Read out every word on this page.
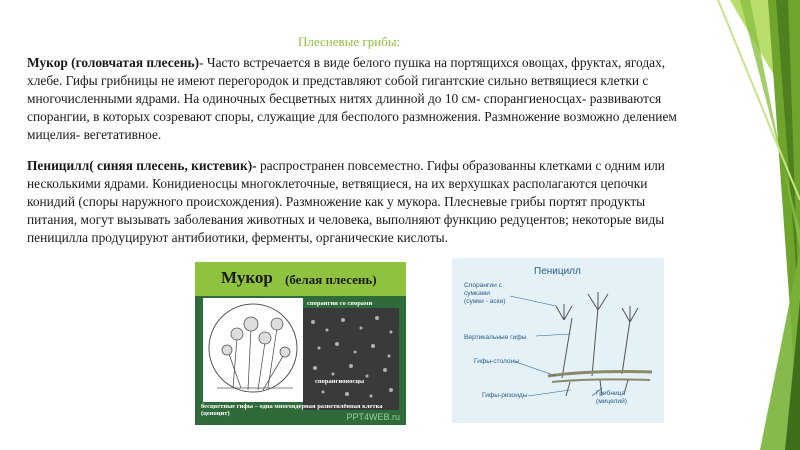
Плесневые грибы:
Мукор (головчатая плесень)- Часто встречается в виде белого пушка на портящихся овощах, фруктах, ягодах, хлебе. Гифы грибницы не имеют перегородок и представляют собой гигантские сильно ветвящиеся клетки с многочисленными ядрами. На одиночных бесцветных нитях длинной до 10 см- спорангиеносцах- развиваются спорангии, в которых созревают споры, служащие для бесполого размножения. Размножение возможно делением мицелия- вегетативное.
Пеницилл( синяя плесень, кистевик)- распространен повсеместно. Гифы образованны клетками с одним или несколькими ядрами. Конидиеносцы многоклеточные, ветвящиеся, на их верхушках располагаются цепочки конидий (споры наружного происхождения). Размножение как у мукора. Плесневые грибы портят продукты питания, могут вызывать заболевания животных и человека, выполняют функцию редуцентов; некоторые виды пеницилла продуцируют антибиотики, ферменты, органические кислоты.
Мукор (белая плесень)
спорангии со спорами
спорангионосцы
бесцветные гифы – одна многоядерная разветвлённая клетка (ценоцит)	PPT4WEB.ru
Пеницилл
Спорангии с
сумками
(сумки - аски)
Вертикальные гифы
Гифы-столоны
Гифы-ризоиды	Грибница
(мицелий)
